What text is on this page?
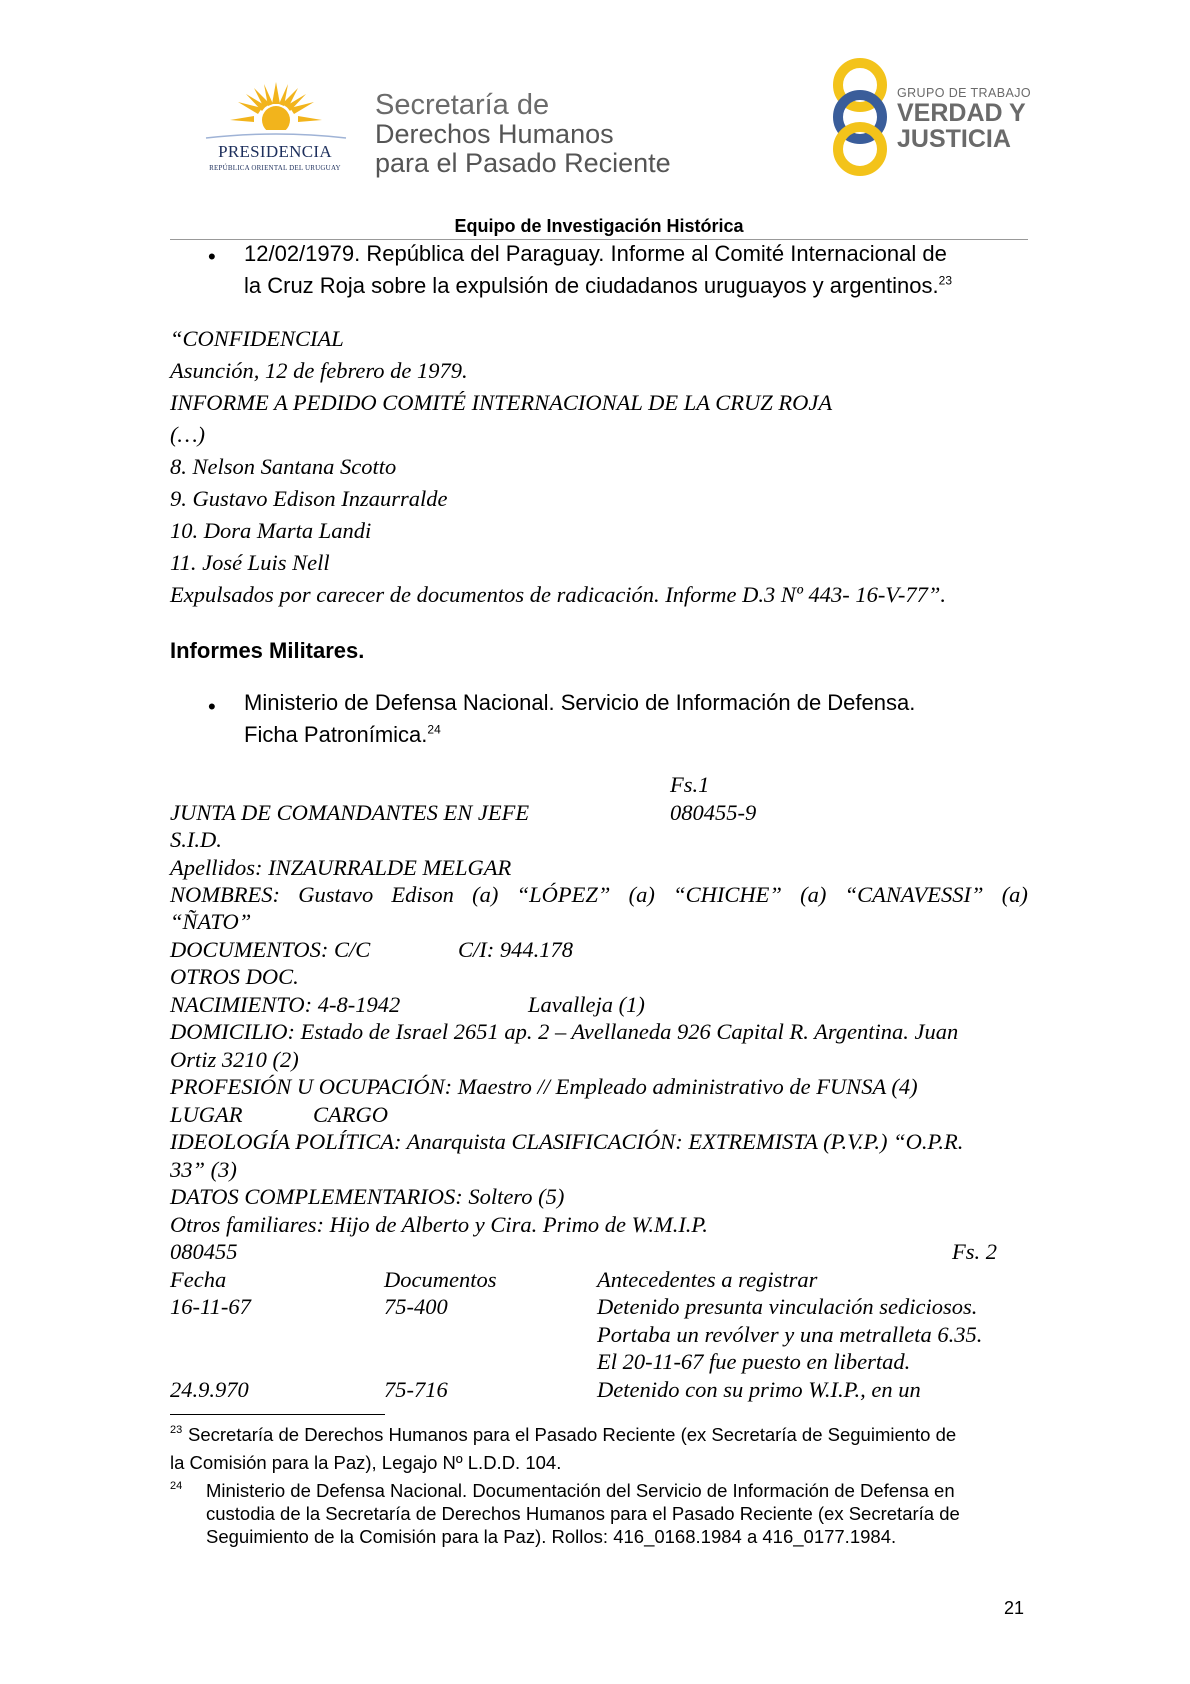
PRESIDENCIA
REPÚBLICA ORIENTAL DEL URUGUAY
Secretaría de
Derechos Humanos
para el Pasado Reciente
GRUPO DE TRABAJO
VERDAD Y
JUSTICIA
Equipo de Investigación Histórica
• 12/02/1979. República del Paraguay. Informe al Comité Internacional de
la Cruz Roja sobre la expulsión de ciudadanos uruguayos y argentinos.$^{23}$
“CONFIDENCIAL
Asunción, 12 de febrero de 1979.
INFORME A PEDIDO COMITÉ INTERNACIONAL DE LA CRUZ ROJA
(…)
8. Nelson Santana Scotto
9. Gustavo Edison Inzaurralde
10. Dora Marta Landi
11. José Luis Nell
Expulsados por carecer de documentos de radicación. Informe D.3 Nº 443- 16-V-77”.
Informes Militares.
• Ministerio de Defensa Nacional. Servicio de Información de Defensa.
Ficha Patronímica.$^{24}$
Fs.1
JUNTA DE COMANDANTES EN JEFE	080455-9
S.I.D.
Apellidos: INZAURRALDE MELGAR
NOMBRES: Gustavo Edison (a) “LÓPEZ” (a) “CHICHE” (a) “CANAVESSI” (a)
“ÑATO”
DOCUMENTOS: C/C	C/I: 944.178
OTROS DOC.
NACIMIENTO: 4-8-1942	Lavalleja (1)
DOMICILIO: Estado de Israel 2651 ap. 2 – Avellaneda 926 Capital R. Argentina. Juan
Ortiz 3210 (2)
PROFESIÓN U OCUPACIÓN: Maestro // Empleado administrativo de FUNSA (4)
LUGAR	CARGO
IDEOLOGÍA POLÍTICA: Anarquista CLASIFICACIÓN: EXTREMISTA (P.V.P.) “O.P.R.
33” (3)
DATOS COMPLEMENTARIOS: Soltero (5)
Otros familiares: Hijo de Alberto y Cira. Primo de W.M.I.P.
080455	Fs. 2
Fecha	Documentos	Antecedentes a registrar
16-11-67	75-400	Detenido presunta vinculación sediciosos.
Portaba un revólver y una metralleta 6.35.
El 20-11-67 fue puesto en libertad.
24.9.970	75-716	Detenido con su primo W.I.P., en un
23 Secretaría de Derechos Humanos para el Pasado Reciente (ex Secretaría de Seguimiento de
la Comisión para la Paz), Legajo Nº L.D.D. 104.
24 Ministerio de Defensa Nacional. Documentación del Servicio de Información de Defensa en
custodia de la Secretaría de Derechos Humanos para el Pasado Reciente (ex Secretaría de
Seguimiento de la Comisión para la Paz). Rollos: 416_0168.1984 a 416_0177.1984.
21
